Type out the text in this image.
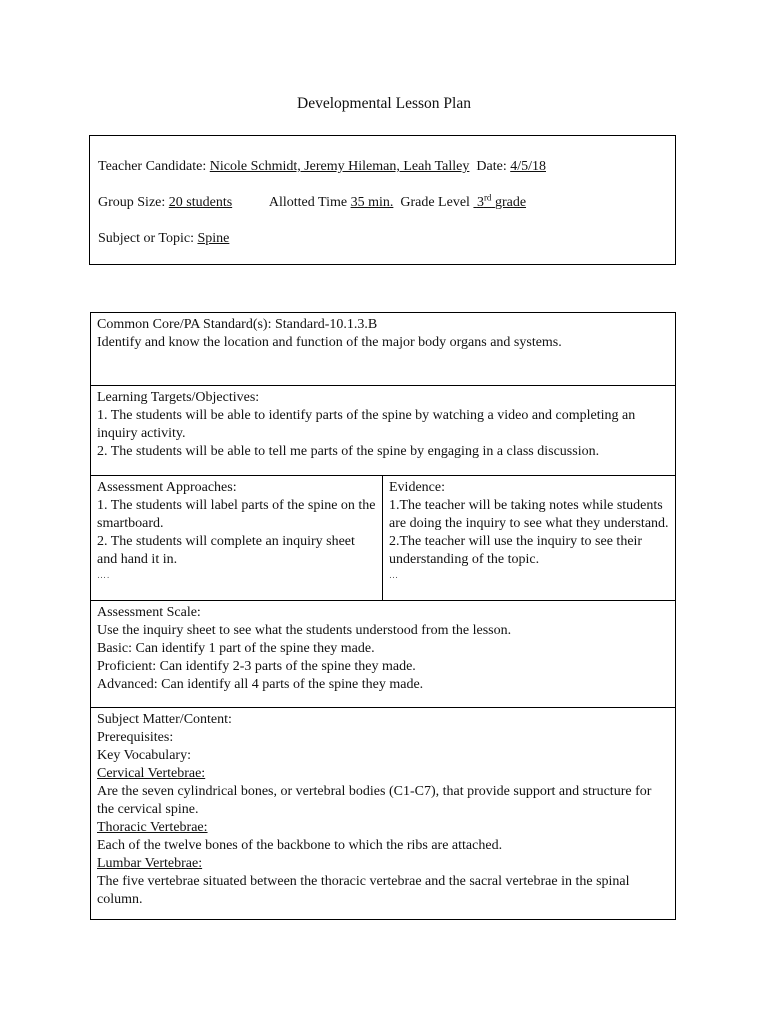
Developmental Lesson Plan
Teacher Candidate: Nicole Schmidt, Jeremy Hileman, Leah Talley Date: 4/5/18
Group Size: 20 students	Allotted Time 35 min. Grade Level 3rd grade
Subject or Topic: Spine
Common Core/PA Standard(s): Standard-10.1.3.B
Identify and know the location and function of the major body organs and systems.
Learning Targets/Objectives:
1. The students will be able to identify parts of the spine by watching a video and completing an inquiry activity.
2. The students will be able to tell me parts of the spine by engaging in a class discussion.
Assessment Approaches:
1. The students will label parts of the spine on the smartboard.
2. The students will complete an inquiry sheet and hand it in.
….
Evidence:
1.The teacher will be taking notes while students are doing the inquiry to see what they understand.
2.The teacher will use the inquiry to see their understanding of the topic.
…
Assessment Scale:
Use the inquiry sheet to see what the students understood from the lesson.
Basic: Can identify 1 part of the spine they made.
Proficient: Can identify 2-3 parts of the spine they made.
Advanced: Can identify all 4 parts of the spine they made.
Subject Matter/Content:
Prerequisites:
Key Vocabulary:
Cervical Vertebrae:
Are the seven cylindrical bones, or vertebral bodies (C1-C7), that provide support and structure for the cervical spine.
Thoracic Vertebrae:
Each of the twelve bones of the backbone to which the ribs are attached.
Lumbar Vertebrae:
The five vertebrae situated between the thoracic vertebrae and the sacral vertebrae in the spinal column.
